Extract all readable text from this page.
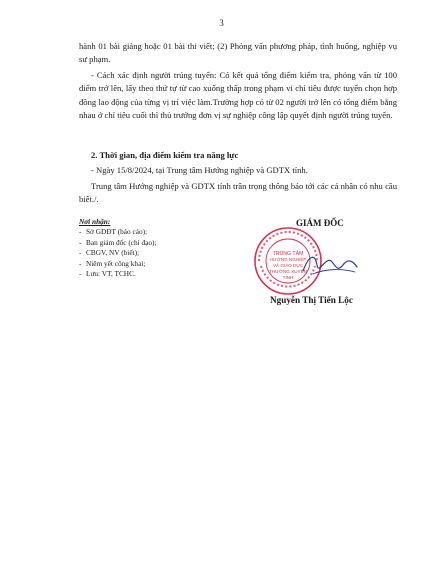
3

hành 01 bài giảng hoặc 01 bài thi viết; (2) Phỏng vấn phương pháp, tình huống, nghiệp vụ sư phạm.

- Cách xác định người trúng tuyển: Có kết quả tổng điểm kiểm tra, phỏng vấn từ 100 điểm trở lên, lấy theo thứ tự từ cao xuống thấp trong phạm vi chỉ tiêu được tuyển chọn hợp đồng lao động của từng vị trí việc làm.Trường hợp có từ 02 người trở lên có tổng điểm bằng nhau ở chỉ tiêu cuối thì thủ trưởng đơn vị sự nghiệp công lập quyết định người trúng tuyển.

2. Thời gian, địa điểm kiểm tra năng lực

- Ngày 15/8/2024, tại Trung tâm Hướng nghiệp và GDTX tỉnh.

Trung tâm Hướng nghiệp và GDTX tỉnh trân trọng thông báo tới các cá nhân có nhu cầu biết./.

Nơi nhận:
- Sở GDĐT (báo cáo);
- Ban giám đốc (chỉ đạo);
- CBGV, NV (biết);
- Niêm yết công khai;
- Lưu: VT, TCHC.
GIÁM ĐỐC
TRUNG TÂM
HƯỚNG NGHIỆP
VÀ GIÁO DỤC
THƯỜNG XUYÊN
TỈNH
Nguyễn Thị Tiến Lộc
